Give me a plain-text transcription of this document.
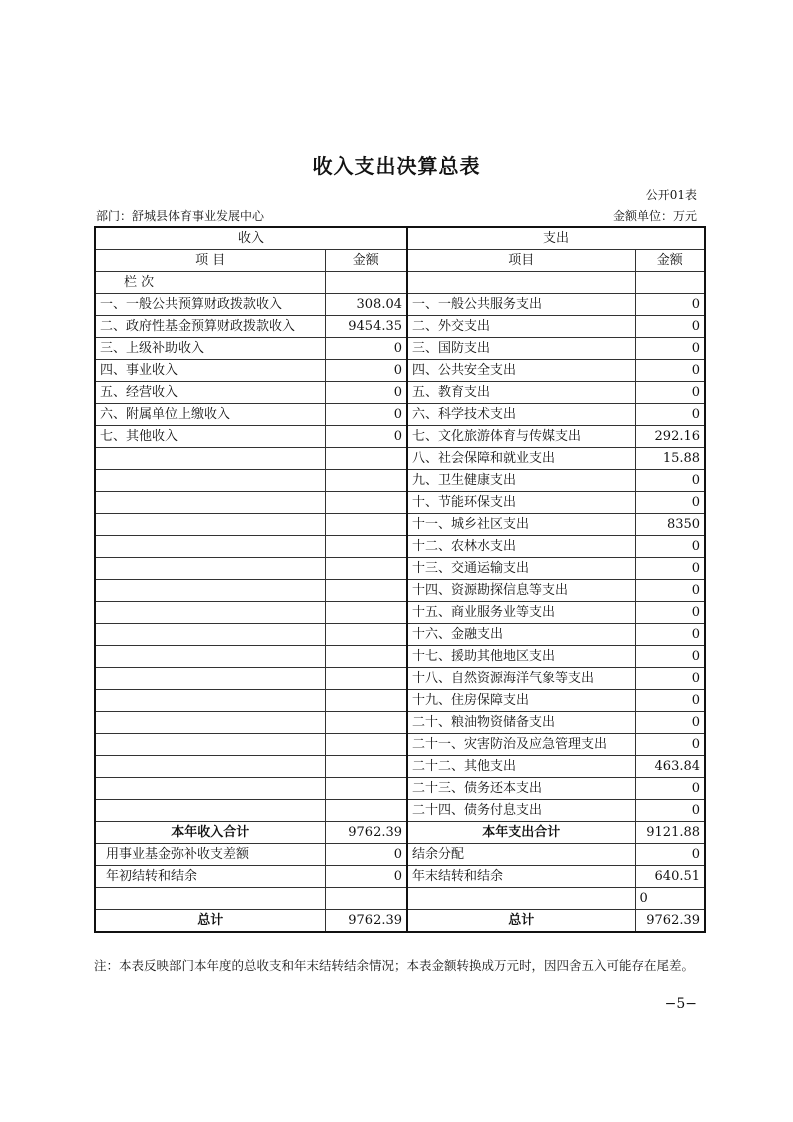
收入支出决算总表
公开01表
部门：舒城县体育事业发展中心	金额单位：万元
收入		支出	
项 目	金额	项目	金额
栏 次			
一、一般公共预算财政拨款收入	308.04	一、一般公共服务支出	0
二、政府性基金预算财政拨款收入	9454.35	二、外交支出	0
三、上级补助收入	0	三、国防支出	0
四、事业收入	0	四、公共安全支出	0
五、经营收入	0	五、教育支出	0
六、附属单位上缴收入	0	六、科学技术支出	0
七、其他收入	0	七、文化旅游体育与传媒支出	292.16
		八、社会保障和就业支出	15.88
		九、卫生健康支出	0
		十、节能环保支出	0
		十一、城乡社区支出	8350
		十二、农林水支出	0
		十三、交通运输支出	0
		十四、资源勘探信息等支出	0
		十五、商业服务业等支出	0
		十六、金融支出	0
		十七、援助其他地区支出	0
		十八、自然资源海洋气象等支出	0
		十九、住房保障支出	0
		二十、粮油物资储备支出	0
		二十一、灾害防治及应急管理支出	0
		二十二、其他支出	463.84
		二十三、债务还本支出	0
		二十四、债务付息支出	0
本年收入合计	9762.39	本年支出合计	9121.88
用事业基金弥补收支差额	0	结余分配	0
年初结转和结余	0	年末结转和结余	640.51
			0
总计	9762.39	总计	9762.39
注：本表反映部门本年度的总收支和年末结转结余情况；本表金额转换成万元时，因四舍五入可能存在尾差。
−5−
